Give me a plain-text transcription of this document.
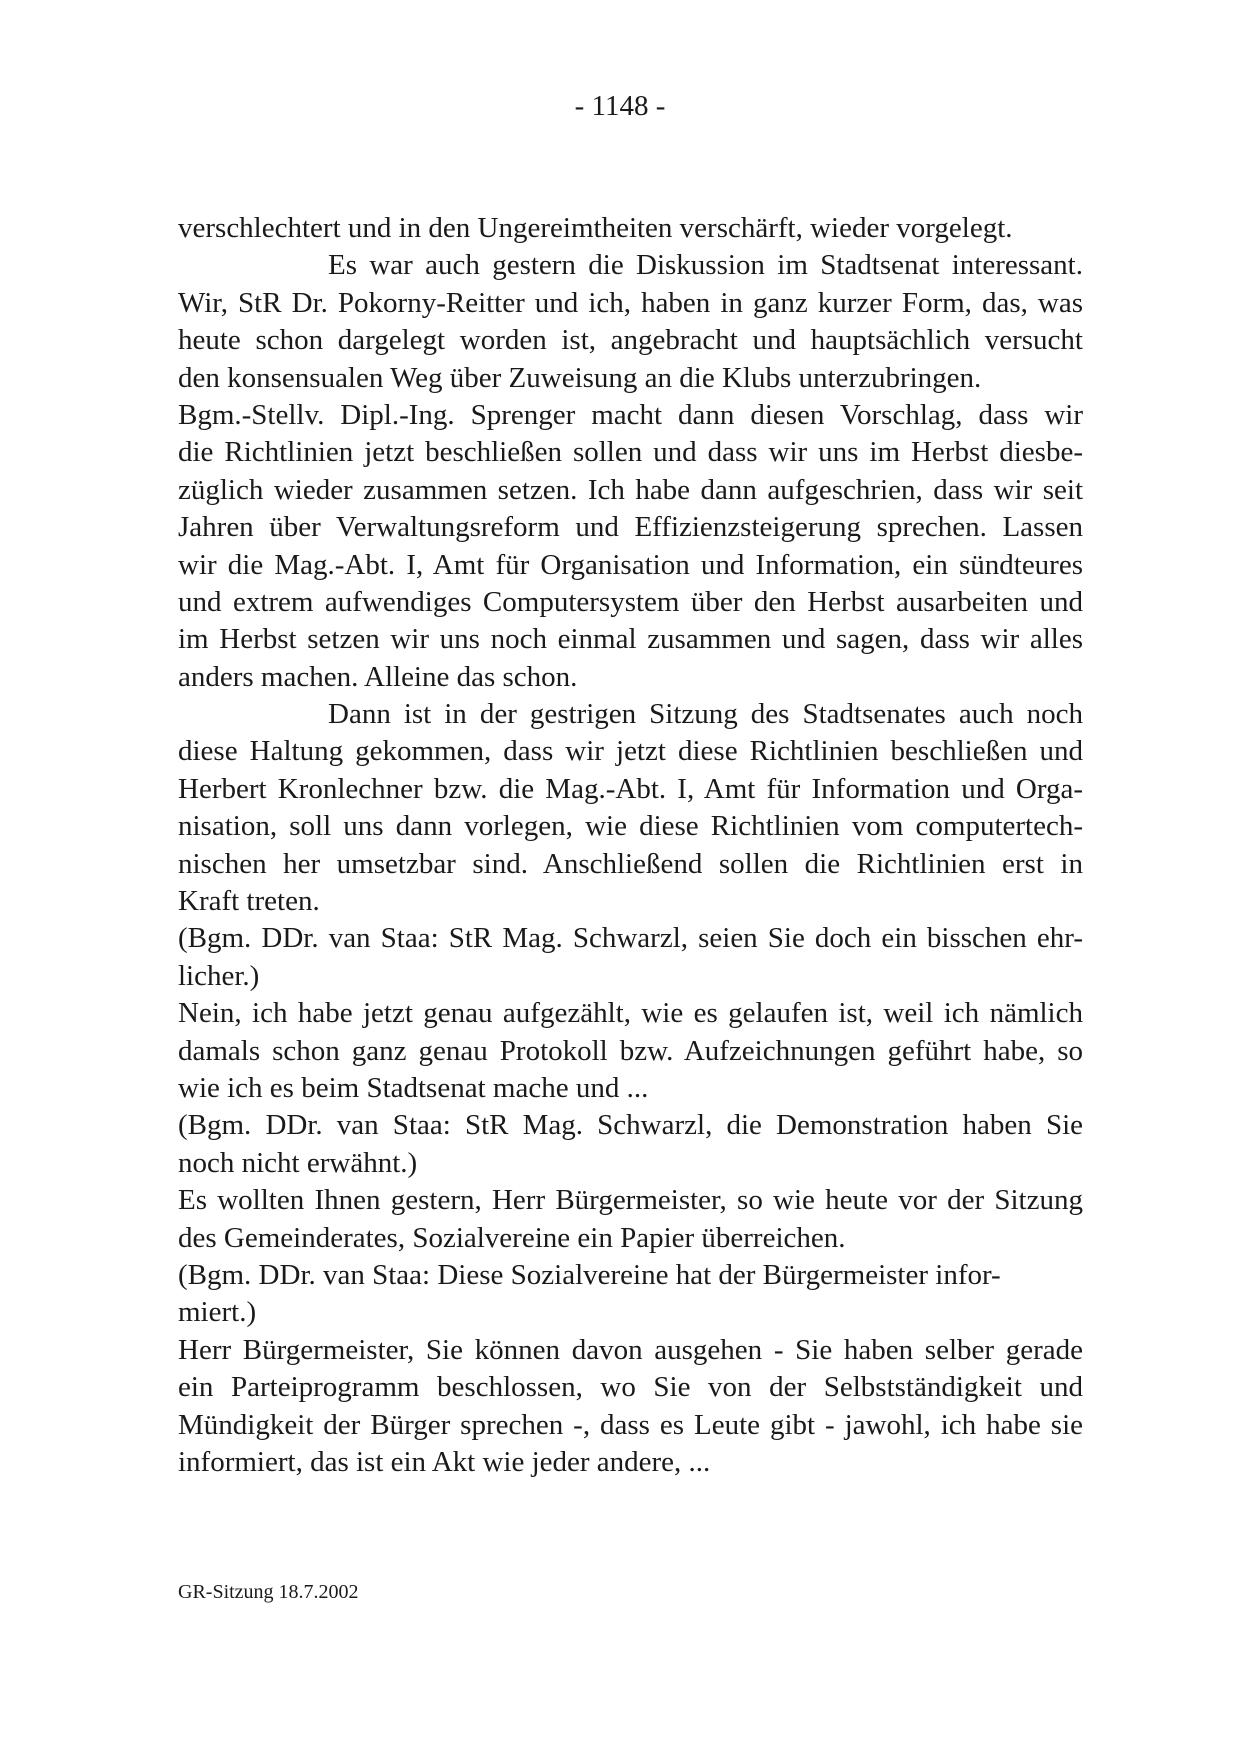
- 1148 -
verschlechtert und in den Ungereimtheiten verschärft, wieder vorgelegt.
Es war auch gestern die Diskussion im Stadtsenat interessant.
Wir, StR Dr. Pokorny-Reitter und ich, haben in ganz kurzer Form, das, was
heute schon dargelegt worden ist, angebracht und hauptsächlich versucht
den konsensualen Weg über Zuweisung an die Klubs unterzubringen.
Bgm.-Stellv. Dipl.-Ing. Sprenger macht dann diesen Vorschlag, dass wir
die Richtlinien jetzt beschließen sollen und dass wir uns im Herbst diesbe-
züglich wieder zusammen setzen. Ich habe dann aufgeschrien, dass wir seit
Jahren über Verwaltungsreform und Effizienzsteigerung sprechen. Lassen
wir die Mag.-Abt. I, Amt für Organisation und Information, ein sündteures
und extrem aufwendiges Computersystem über den Herbst ausarbeiten und
im Herbst setzen wir uns noch einmal zusammen und sagen, dass wir alles
anders machen. Alleine das schon.
Dann ist in der gestrigen Sitzung des Stadtsenates auch noch
diese Haltung gekommen, dass wir jetzt diese Richtlinien beschließen und
Herbert Kronlechner bzw. die Mag.-Abt. I, Amt für Information und Orga-
nisation, soll uns dann vorlegen, wie diese Richtlinien vom computertech-
nischen her umsetzbar sind. Anschließend sollen die Richtlinien erst in
Kraft treten.
(Bgm. DDr. van Staa: StR Mag. Schwarzl, seien Sie doch ein bisschen ehr-
licher.)
Nein, ich habe jetzt genau aufgezählt, wie es gelaufen ist, weil ich nämlich
damals schon ganz genau Protokoll bzw. Aufzeichnungen geführt habe, so
wie ich es beim Stadtsenat mache und ...
(Bgm. DDr. van Staa: StR Mag. Schwarzl, die Demonstration haben Sie
noch nicht erwähnt.)
Es wollten Ihnen gestern, Herr Bürgermeister, so wie heute vor der Sitzung
des Gemeinderates, Sozialvereine ein Papier überreichen.
(Bgm. DDr. van Staa: Diese Sozialvereine hat der Bürgermeister infor-
miert.)
Herr Bürgermeister, Sie können davon ausgehen - Sie haben selber gerade
ein Parteiprogramm beschlossen, wo Sie von der Selbstständigkeit und
Mündigkeit der Bürger sprechen -, dass es Leute gibt - jawohl, ich habe sie
informiert, das ist ein Akt wie jeder andere, ...
GR-Sitzung 18.7.2002
